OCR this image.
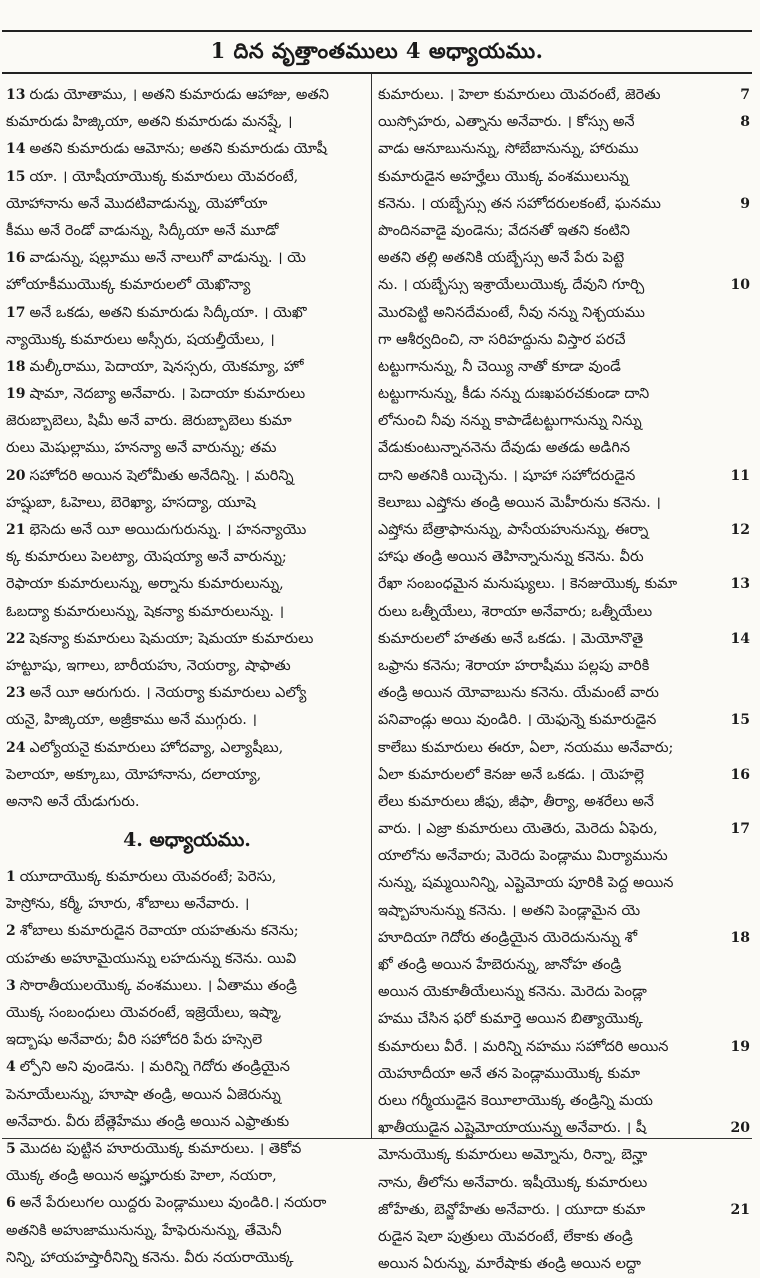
1 దిన వృత్తాంతములు 4 అధ్యాయము.
13 రుడు యోతాము, । అతని కుమారుడు ఆహాజు, అతని
కుమారుడు హిజ్కియా, అతని కుమారుడు మనష్షే, ।
14 అతని కుమారుడు ఆమోను; అతని కుమారుడు యోషీ
15 యా. । యోషీయాయొక్క కుమారులు యెవరంటే,
యోహానాను అనే మొదటివాడున్ను, యెహోయా
కీము అనే రెండో వాడున్ను, సిద్కీయా అనే మూడో
16 వాడున్ను, షల్లూము అనే నాలుగో వాడున్ను. । యె
హోయాకీముయొక్క కుమారులలో యెఖొన్యా
17 అనే ఒకడు, అతని కుమారుడు సిద్కీయా. । యెఖొ
న్యాయొక్క కుమారులు అస్సీరు, షయల్తీయేలు, ।
18 మల్కీరాము, పెదాయా, షెనస్సరు, యెకమ్యా, హో
19 షామా, నెదబ్యా అనేవారు. । పెదాయా కుమారులు
జెరుబ్బాబెలు, షిమీ అనే వారు. జెరుబ్బాబెలు కుమా
రులు మెషుల్లాము, హనన్యా అనే వారున్ను; తమ
20 సహోదరి అయిన షెలోమీతు అనేదిన్ని. । మరిన్ని
హష్షుబా, ఓహెలు, బెరెఖ్యా, హసద్యా, యూషె
21 భెసెదు అనే యీ అయిదుగురున్ను. । హనన్యాయొ
క్క కుమారులు పెలట్యా, యెషయ్యా అనే వారున్ను;
రెఫాయా కుమారులున్ను, అర్నాను కుమారులున్ను,
ఓబద్యా కుమారులున్ను, షెకన్యా కుమారులున్ను. ।
22 షెకన్యా కుమారులు షెమయా; షెమయా కుమారులు
హట్టూషు, ఇగాలు, బారీయహు, నెయర్యా, షాఫాతు
23 అనే యీ ఆరుగురు. । నెయర్యా కుమారులు ఎల్యో
యనై, హిజ్కియా, అజ్రీకాము అనే ముగ్గురు. ।
24 ఎల్యోయనై కుమారులు హోదవ్యా, ఎల్యాషీబు,
పెలాయా, అక్కూబు, యోహానాను, దలాయ్యా,
అనాని అనే యేడుగురు.
4. అధ్యాయము.
1 యూదాయొక్క కుమారులు యెవరంటే; పెరెసు,
హెస్రోను, కర్మీ, హూరు, శోబాలు అనేవారు. ।
2 శోబాలు కుమారుడైన రెవాయా యహతును కనెను;
యహతు అహూమైయున్ను లహదున్ను కనెను. యివి
3 సొరాతీయులయొక్క వంశములు. । ఏతాము తండ్రి
యొక్క సంబంధులు యెవరంటే, ఇజ్రెయేలు, ఇష్మా,
ఇద్బాషు అనేవారు; వీరి సహోదరి పేరు హస్సెలె
4 ల్పోని అని వుండెను. । మరిన్ని గెదోరు తండ్రియైన
పెనూయేలున్ను, హూషా తండ్రి, అయిన ఏజెరున్ను
అనేవారు. వీరు బేత్లెహేము తండ్రి అయిన ఎఫ్రాతుకు
5 మొదట పుట్టిన హూరుయొక్క కుమారులు. । తెకోవ
యొక్క తండ్రి అయిన అష్హూరుకు హెలా, నయరా,
6 అనే పేరులుగల యిద్దరు పెండ్లాములు వుండిరి.। నయరా
అతనికి అహుజామునున్ను, హేఫెరునున్ను, తేమెనీ
నిన్ని, హాయహష్తారీనిన్ని కనెను. వీరు నయరాయొక్క
7
కుమారులు. । హెలా కుమారులు యెవరంటే, జెరెతు
8
యిస్సోహరు, ఎత్నాను అనేవారు. । కోస్సు అనే
వాడు ఆనూబునున్ను, సోబేబానున్ను, హారుము
కుమారుడైన అహర్హేలు యొక్క వంశములున్ను
9
కనెను. । యబ్బేస్సు తన సహోదరులకంటే, ఘనము
పొందినవాడై వుండెను; వేదనతో ఇతని కంటిని
అతని తల్లి అతనికి యబ్బేస్సు అనే పేరు పెట్టె
10
ను. । యబ్బేస్సు ఇశ్రాయేలుయొక్క దేవుని గూర్చి
మొరపెట్టి అనినదేమంటే, నీవు నన్ను నిశ్చయము
గా ఆశీర్వదించి, నా సరిహద్దును విస్తార పరచే
టట్టుగానున్ను, నీ చెయ్యి నాతో కూడా వుండే
టట్టుగానున్ను, కీడు నన్ను దుఃఖపరచకుండా దాని
లోనుంచి నీవు నన్ను కాపాడేటట్టుగానున్ను నిన్ను
వేడుకుంటున్నాననెను దేవుడు అతడు అడిగిన
11
దాని అతనికి యిచ్చెను. । షూహా సహోదరుడైన
కెలూబు ఎష్తోను తండ్రి అయిన మెహీరును కనెను. ।
12
ఎష్తోను బేత్రాఫానున్ను, పాసేయహునున్ను, ఈర్నా
హాషు తండ్రి అయిన తెహిన్నానున్ను కనెను. వీరు
13
రేఖా సంబంధమైన మనుష్యులు. । కెనజుయొక్క కుమా
రులు ఒత్నీయేలు, శెరాయా అనేవారు; ఒత్నీయేలు
14
కుమారులలో హతతు అనే ఒకడు. । మెయోనొతై
ఒఫ్రాను కనెను; శెరాయా హరాషీము పల్లపు వారికి
తండ్రి అయిన యోవాబును కనెను. యేమంటే వారు
15
పనివాండ్లు అయి వుండిరి. । యెఫున్నె కుమారుడైన
కాలేబు కుమారులు ఈరూ, ఏలా, నయము అనేవారు;
16
ఏలా కుమారులలో కెనజు అనే ఒకడు. । యెహల్లె
లేలు కుమారులు జీఫు, జీఫా, తీర్యా, అశరేలు అనే
17
వారు. । ఎజ్రా కుమారులు యెతెరు, మెరెదు ఏఫెరు,
యాలోను అనేవారు; మెరెదు పెండ్లాము మిర్యామును
నున్ను, షమ్మయినిన్ని, ఎష్టెమోయ పూరికి పెద్ద అయిన
ఇష్బాహునున్ను కనెను. । అతని పెండ్లామైన యె
18
హూదియా గెదోరు తండ్రియైన యెరెదునున్ను శో
ఖో తండ్రి అయిన హేబెరున్ను, జానోహ తండ్రి
అయిన యెకూతీయేలున్ను కనెను. మెరెదు పెండ్లా
హము చేసిన ఫరో కుమార్తె అయిన బిత్యాయొక్క
19
కుమారులు వీరే. । మరిన్ని నహము సహోదరి అయిన
యెహూదీయా అనే తన పెండ్లాముయొక్క కుమా
రులు గర్మీయుడైన కెయీలాయొక్క తండ్రిన్ని మయ
20
ఖాతీయుడైన ఎష్టెమోయాయున్ను అనేవారు. । షీ
మోనుయొక్క కుమారులు అమ్నోను, రిన్నా, బెన్హా
నాను, తీలోను అనేవారు. ఇషీయొక్క కుమారులు
21
జోహేతు, బెన్జోహేతు అనేవారు. । యూదా కుమా
రుడైన షెలా పుత్రులు యెవరంటే, లేకాకు తండ్రి
అయిన ఏరున్ను, మారేషాకు తండ్రి అయిన లద్దా
